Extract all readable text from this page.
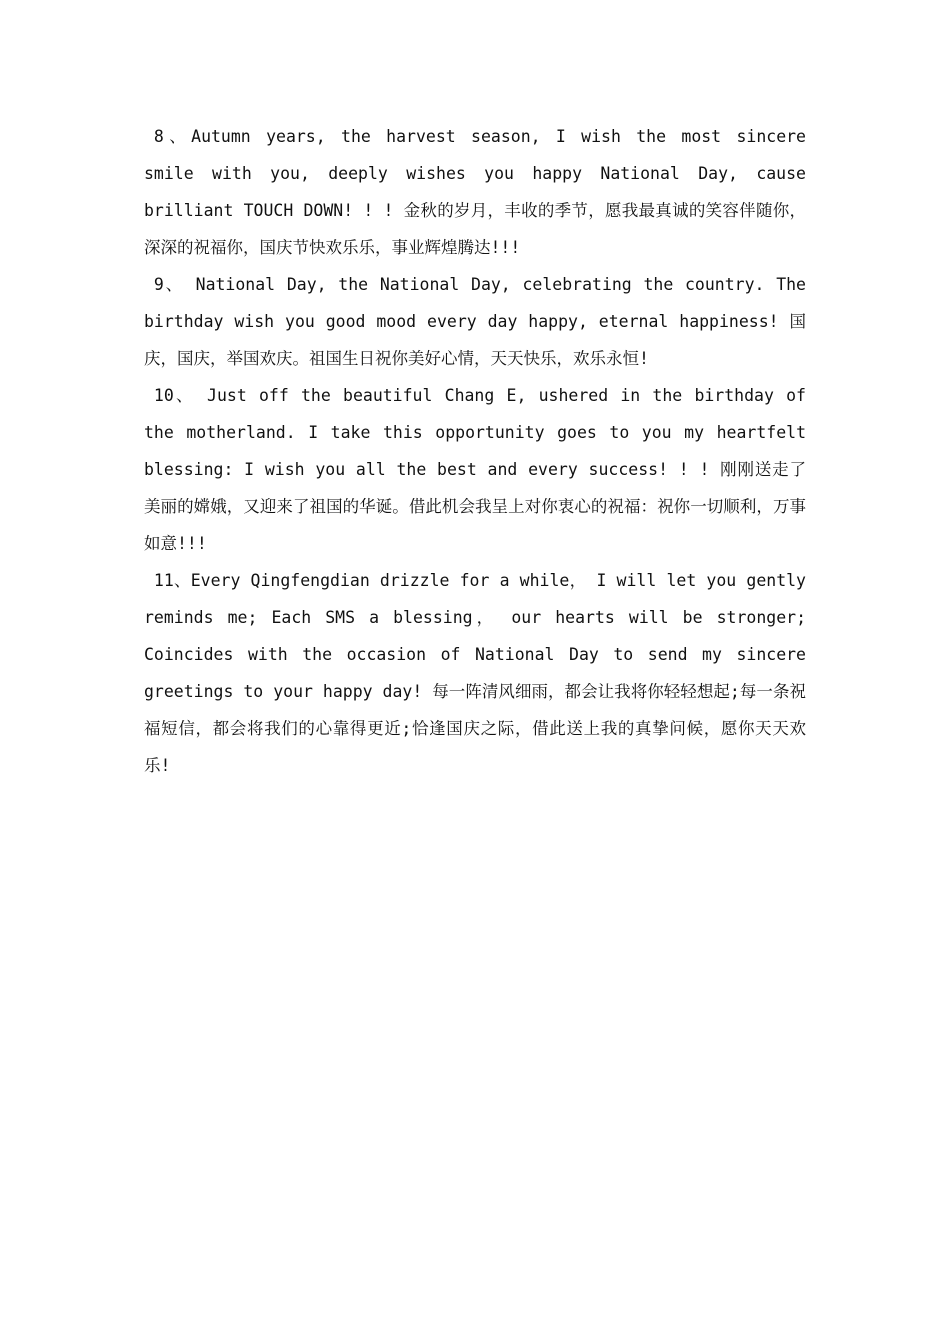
8、Autumn years, the harvest season, I wish the most sincere smile with you, deeply wishes you happy National Day, cause brilliant TOUCH DOWN! ! ! 金秋的岁月，丰收的季节，愿我最真诚的笑容伴随你，深深的祝福你，国庆节快欢乐乐，事业辉煌腾达!!!

9、 National Day, the National Day, celebrating the country. The birthday wish you good mood every day happy, eternal happiness! 国庆，国庆，举国欢庆。祖国生日祝你美好心情，天天快乐，欢乐永恒!

10、 Just off the beautiful Chang E, ushered in the birthday of the motherland. I take this opportunity goes to you my heartfelt blessing: I wish you all the best and every success! ! ! 刚刚送走了美丽的嫦娥，又迎来了祖国的华诞。借此机会我呈上对你衷心的祝福：祝你一切顺利，万事如意!!!

11、Every Qingfengdian drizzle for a while， I will let you gently reminds me; Each SMS a blessing， our hearts will be stronger; Coincides with the occasion of National Day to send my sincere greetings to your happy day! 每一阵清风细雨，都会让我将你轻轻想起;每一条祝福短信，都会将我们的心靠得更近;恰逢国庆之际，借此送上我的真挚问候，愿你天天欢乐!
